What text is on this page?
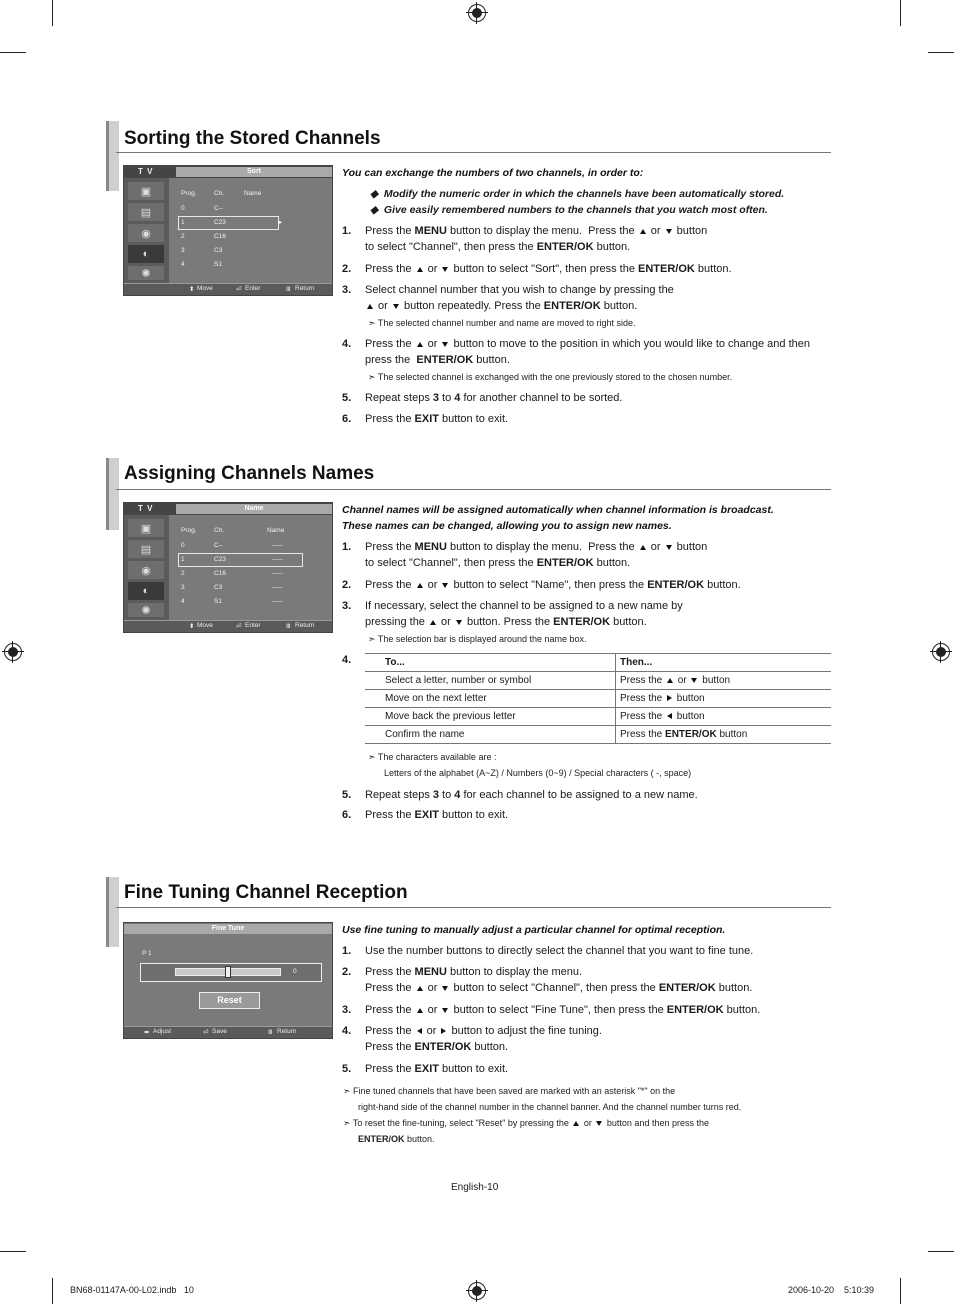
Sorting the Stored Channels
T V	Sort
▣
▤
◉
◐
✺
Prog.	Ch.	Name
0	C--
1	C23	▸
2	C16
3	C3
4	S1
⬍ Move	⏎ Enter	Ⅲ Return
You can exchange the numbers of two channels, in order to:
◆  Modify the numeric order in which the channels have been automatically stored.
◆  Give easily remembered numbers to the channels that you watch most often.
1. Press the MENU button to display the menu.  Press the  or  button
to select "Channel", then press the ENTER/OK button.
2. Press the  or  button to select "Sort", then press the ENTER/OK button.
3. Select channel number that you wish to change by pressing the
or  button repeatedly. Press the ENTER/OK button.
➣ The selected channel number and name are moved to right side.
4. Press the  or  button to move to the position in which you would like to change and then
press the  ENTER/OK button.
➣ The selected channel is exchanged with the one previously stored to the chosen number.
5. Repeat steps 3 to 4 for another channel to be sorted.
6. Press the EXIT button to exit.
Assigning Channels Names
T V	Name
▣
▤
◉
◐
✺
Prog.	Ch.	Name
0	C--	-----
1	C23	-----
2	C16	-----
3	C3	-----
4	S1	-----
⬍ Move	⏎ Enter	Ⅲ Return
Channel names will be assigned automatically when channel information is broadcast.
These names can be changed, allowing you to assign new names.
1. Press the MENU button to display the menu.  Press the  or  button
to select "Channel", then press the ENTER/OK button.
2. Press the  or  button to select "Name", then press the ENTER/OK button.
3. If necessary, select the channel to be assigned to a new name by
pressing the  or  button. Press the ENTER/OK button.
➣ The selection bar is displayed around the name box.
4.	To...	Then...
Select a letter, number or symbol	Press the  or  button
Move on the next letter	Press the  button
Move back the previous letter	Press the  button
Confirm the name	Press the ENTER/OK button
➣ The characters available are :
Letters of the alphabet (A~Z) / Numbers (0~9) / Special characters ( -, space)
5. Repeat steps 3 to 4 for each channel to be assigned to a new name.
6. Press the EXIT button to exit.
Fine Tuning Channel Reception
Fine Tune
P 1
0
Reset
⬌ Adjust	⏎ Save	Ⅲ Return
Use fine tuning to manually adjust a particular channel for optimal reception.
1. Use the number buttons to directly select the channel that you want to fine tune.
2. Press the MENU button to display the menu.
Press the  or  button to select "Channel", then press the ENTER/OK button.
3. Press the  or  button to select "Fine Tune", then press the ENTER/OK button.
4. Press the  or  button to adjust the fine tuning.
Press the ENTER/OK button.
5. Press the EXIT button to exit.
➣ Fine tuned channels that have been saved are marked with an asterisk "*" on the
right-hand side of the channel number in the channel banner. And the channel number turns red.
➣ To reset the fine-tuning, select "Reset" by pressing the  or  button and then press the
ENTER/OK button.
English-10
BN68-01147A-00-L02.indb   10	2006-10-20    5:10:39
